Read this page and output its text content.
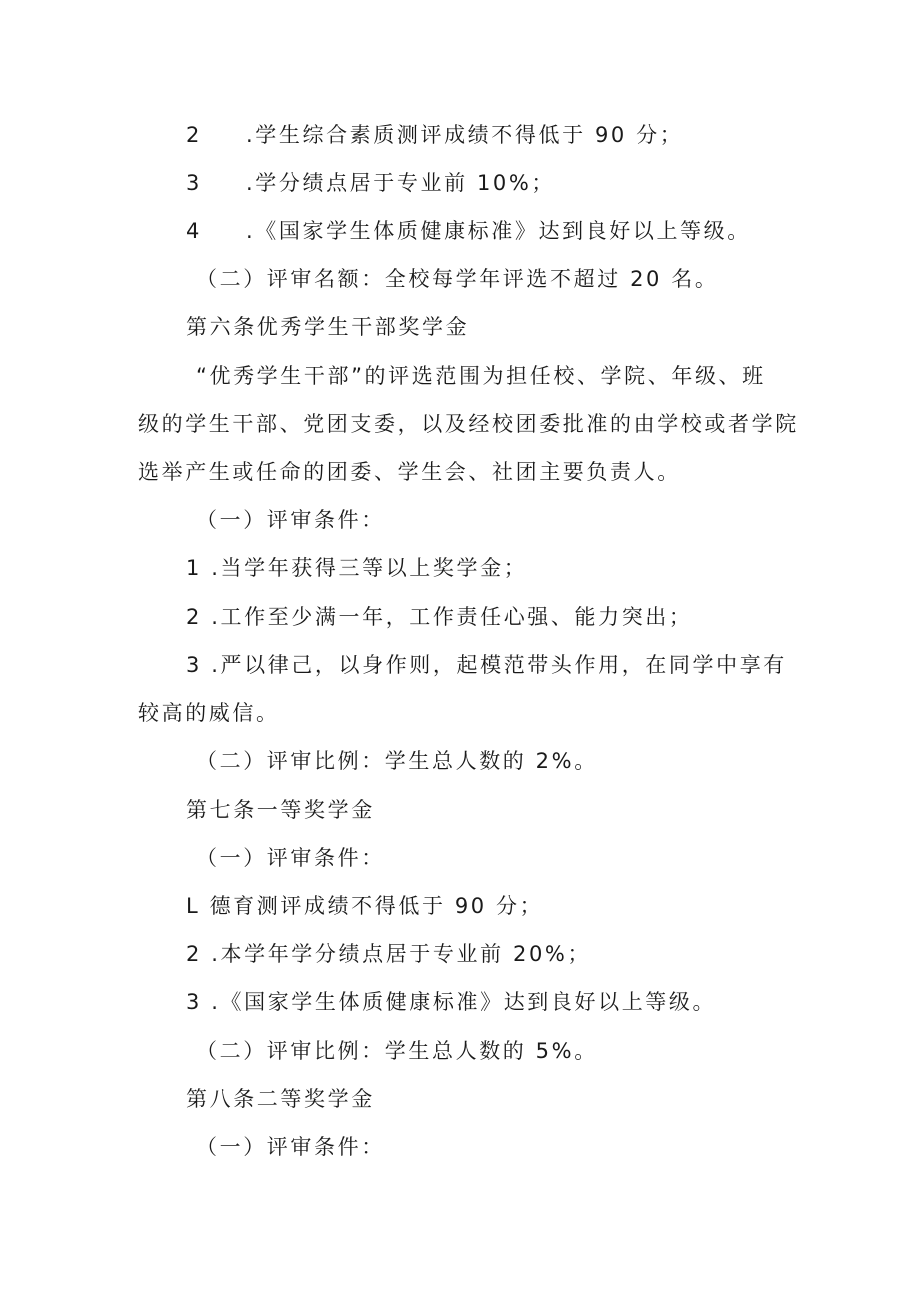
2 .学生综合素质测评成绩不得低于 90 分；
3 .学分绩点居于专业前 10%；
4 .《国家学生体质健康标准》达到良好以上等级。
（二）评审名额：全校每学年评选不超过 20 名。
第六条优秀学生干部奖学金
“优秀学生干部”的评选范围为担任校、学院、年级、班
级的学生干部、党团支委，以及经校团委批准的由学校或者学院
选举产生或任命的团委、学生会、社团主要负责人。
（一）评审条件：
1 .当学年获得三等以上奖学金；
2 .工作至少满一年，工作责任心强、能力突出；
3 .严以律己，以身作则，起模范带头作用，在同学中享有
较高的威信。
（二）评审比例：学生总人数的 2%。
第七条一等奖学金
（一）评审条件：
L 德育测评成绩不得低于 90 分；
2 .本学年学分绩点居于专业前 20%；
3 .《国家学生体质健康标准》达到良好以上等级。
（二）评审比例：学生总人数的 5%。
第八条二等奖学金
（一）评审条件：
